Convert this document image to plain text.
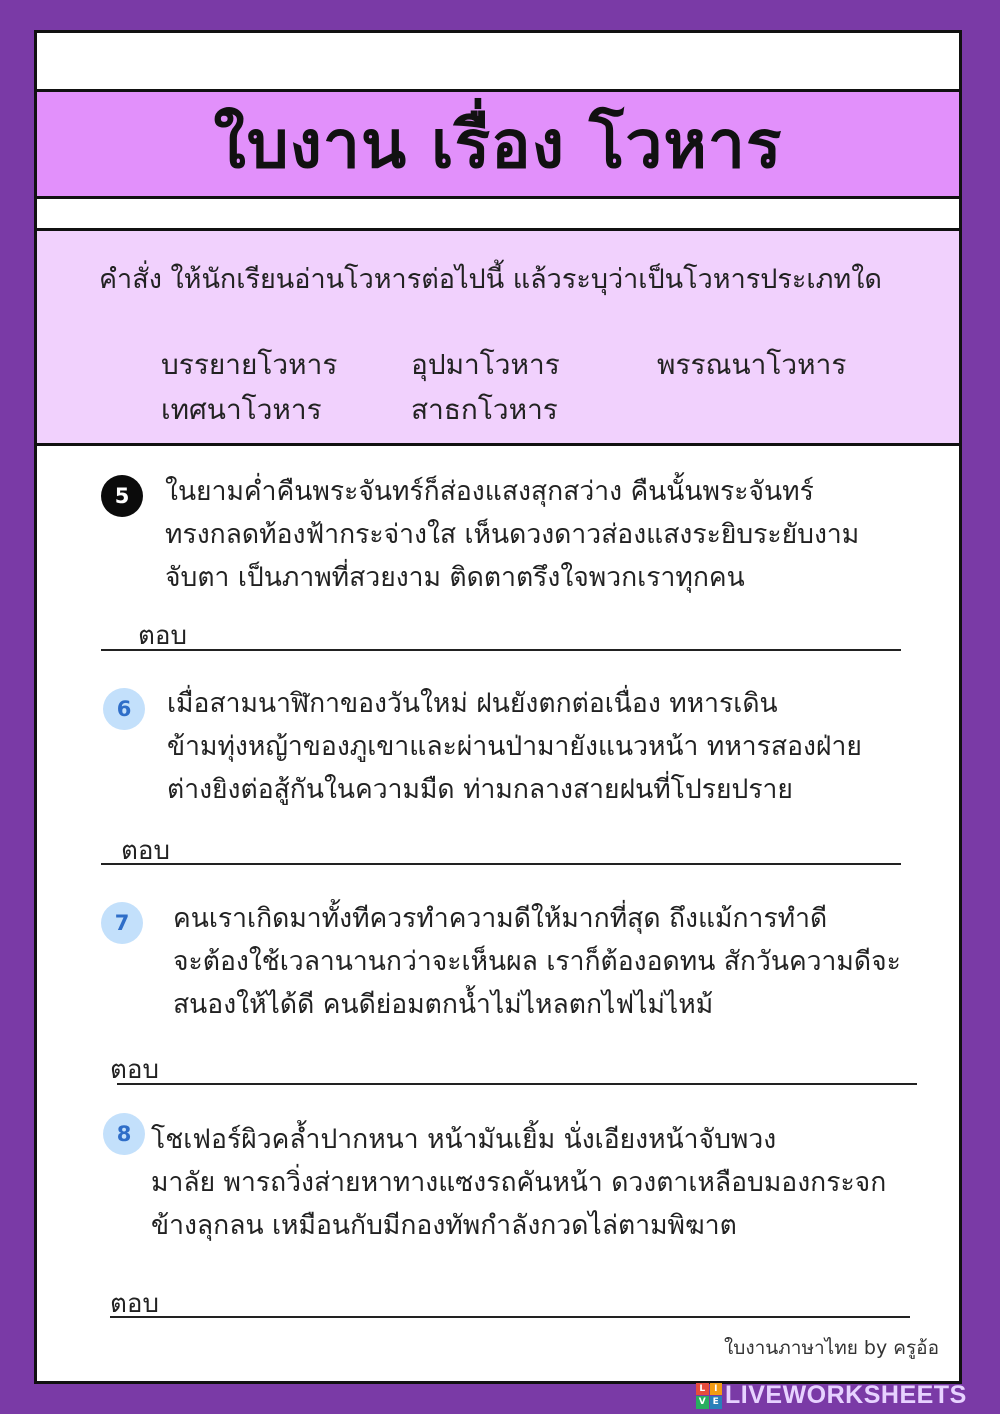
ใบงาน เรื่อง โวหาร
คำสั่ง ให้นักเรียนอ่านโวหารต่อไปนี้ แล้วระบุว่าเป็นโวหารประเภทใด
บรรยายโวหาร	อุปมาโวหาร	พรรณนาโวหาร
เทศนาโวหาร	สาธกโวหาร
5	ในยามค่ำคืนพระจันทร์ก็ส่องแสงสุกสว่าง คืนนั้นพระจันทร์
ทรงกลดท้องฟ้ากระจ่างใส เห็นดวงดาวส่องแสงระยิบระยับงาม
จับตา เป็นภาพที่สวยงาม ติดตาตรึงใจพวกเราทุกคน
ตอบ
6	เมื่อสามนาฬิกาของวันใหม่ ฝนยังตกต่อเนื่อง ทหารเดิน
ข้ามทุ่งหญ้าของภูเขาและผ่านป่ามายังแนวหน้า ทหารสองฝ่าย
ต่างยิงต่อสู้กันในความมืด ท่ามกลางสายฝนที่โปรยปราย
ตอบ
7	คนเราเกิดมาทั้งทีควรทำความดีให้มากที่สุด ถึงแม้การทำดี
จะต้องใช้เวลานานกว่าจะเห็นผล เราก็ต้องอดทน สักวันความดีจะ
สนองให้ได้ดี คนดีย่อมตกน้ำไม่ไหลตกไฟไม่ไหม้
ตอบ
8 โชเฟอร์ผิวคล้ำปากหนา หน้ามันเยิ้ม นั่งเอียงหน้าจับพวง
มาลัย พารถวิ่งส่ายหาทางแซงรถคันหน้า ดวงตาเหลือบมองกระจก
ข้างลุกลน เหมือนกับมีกองทัพกำลังกวดไล่ตามพิฆาต
ตอบ
ใบงานภาษาไทย by ครูอ้อ
L I
V E LIVEWORKSHEETS
